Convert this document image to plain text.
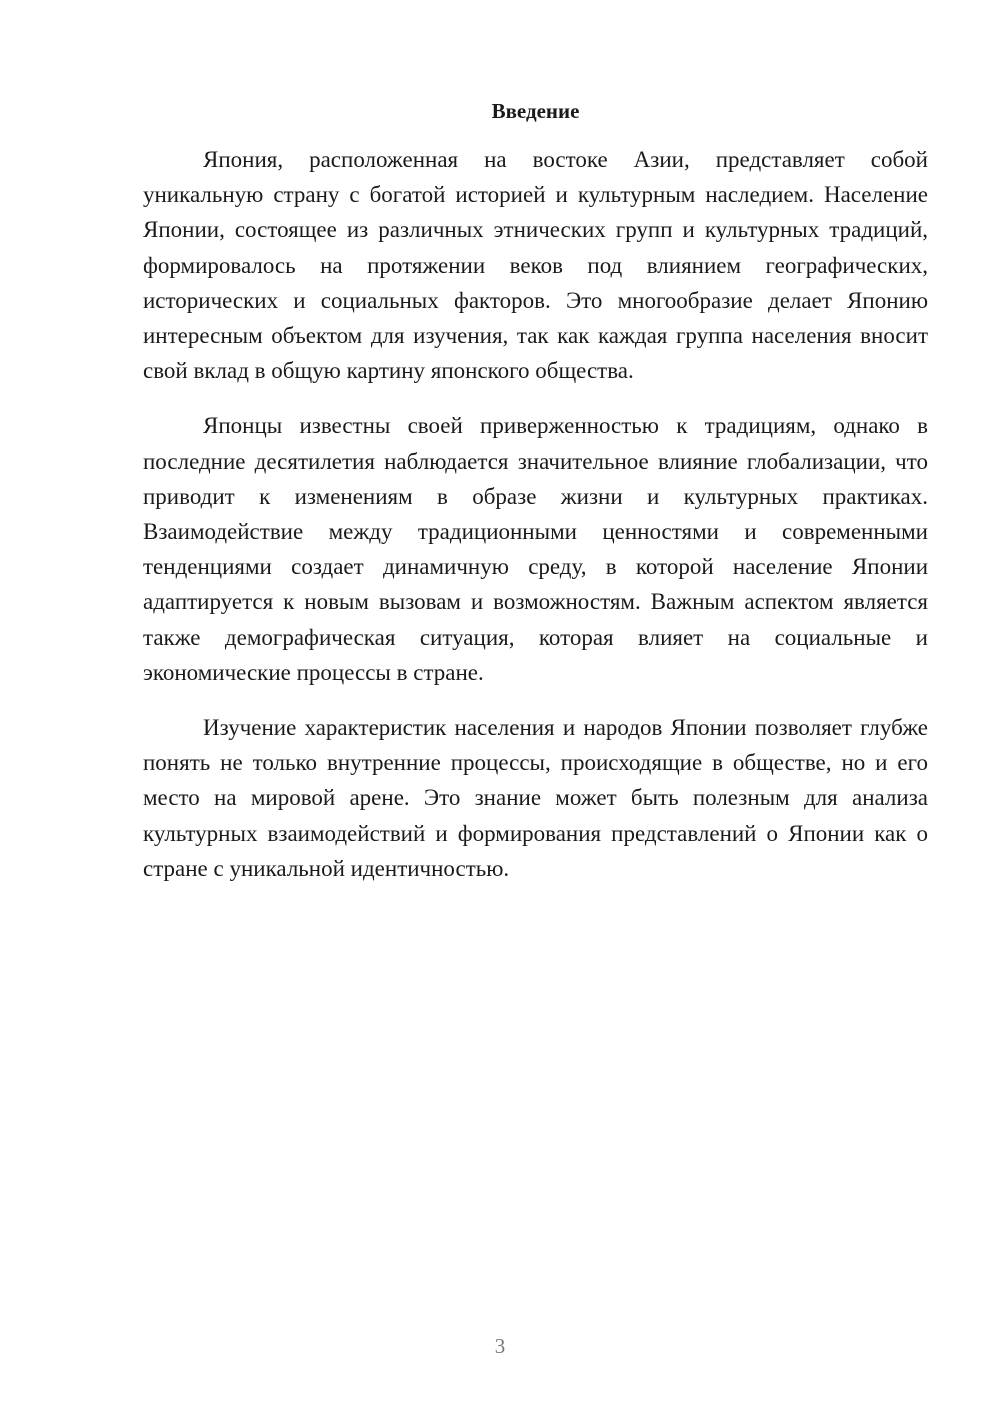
Введение

Япония, расположенная на востоке Азии, представляет собой уникальную страну с богатой историей и культурным наследием. Население Японии, состоящее из различных этнических групп и культурных традиций, формировалось на протяжении веков под влиянием географических, исторических и социальных факторов. Это многообразие делает Японию интересным объектом для изучения, так как каждая группа населения вносит свой вклад в общую картину японского общества.

Японцы известны своей приверженностью к традициям, однако в последние десятилетия наблюдается значительное влияние глобализации, что приводит к изменениям в образе жизни и культурных практиках. Взаимодействие между традиционными ценностями и современными тенденциями создает динамичную среду, в которой население Японии адаптируется к новым вызовам и возможностям. Важным аспектом является также демографическая ситуация, которая влияет на социальные и экономические процессы в стране.

Изучение характеристик населения и народов Японии позволяет глубже понять не только внутренние процессы, происходящие в обществе, но и его место на мировой арене. Это знание может быть полезным для анализа культурных взаимодействий и формирования представлений о Японии как о стране с уникальной идентичностью.

3
